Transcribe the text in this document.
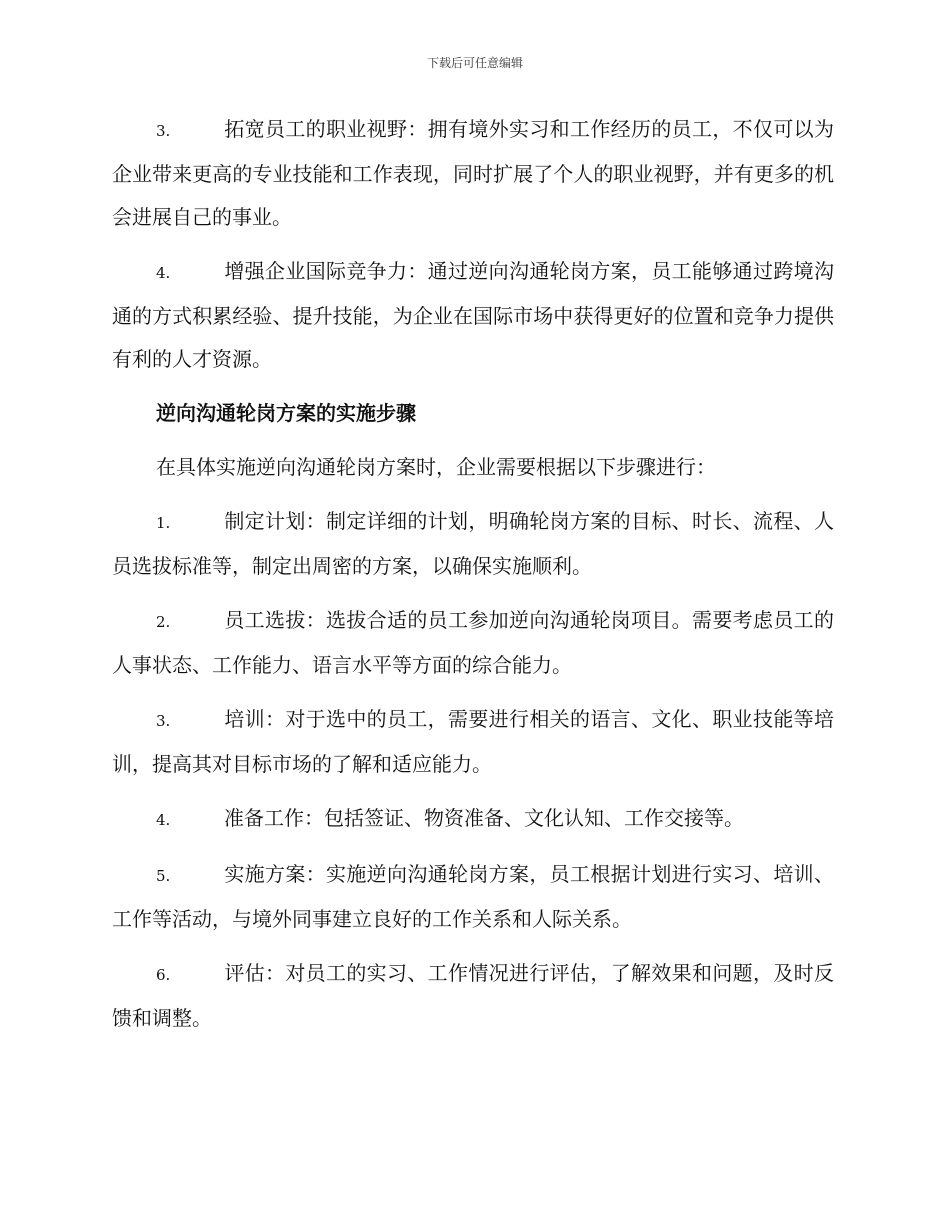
下载后可任意编辑

3.	拓宽员工的职业视野：拥有境外实习和工作经历的员工，不仅可以为企业带来更高的专业技能和工作表现，同时扩展了个人的职业视野，并有更多的机会进展自己的事业。

4.	增强企业国际竞争力：通过逆向沟通轮岗方案，员工能够通过跨境沟通的方式积累经验、提升技能，为企业在国际市场中获得更好的位置和竞争力提供有利的人才资源。

逆向沟通轮岗方案的实施步骤

在具体实施逆向沟通轮岗方案时，企业需要根据以下步骤进行：

1.	制定计划：制定详细的计划，明确轮岗方案的目标、时长、流程、人员选拔标准等，制定出周密的方案，以确保实施顺利。

2.	员工选拔：选拔合适的员工参加逆向沟通轮岗项目。需要考虑员工的人事状态、工作能力、语言水平等方面的综合能力。

3.	培训：对于选中的员工，需要进行相关的语言、文化、职业技能等培训，提高其对目标市场的了解和适应能力。

4.	准备工作：包括签证、物资准备、文化认知、工作交接等。

5.	实施方案：实施逆向沟通轮岗方案，员工根据计划进行实习、培训、工作等活动，与境外同事建立良好的工作关系和人际关系。

6.	评估：对员工的实习、工作情况进行评估，了解效果和问题，及时反馈和调整。
